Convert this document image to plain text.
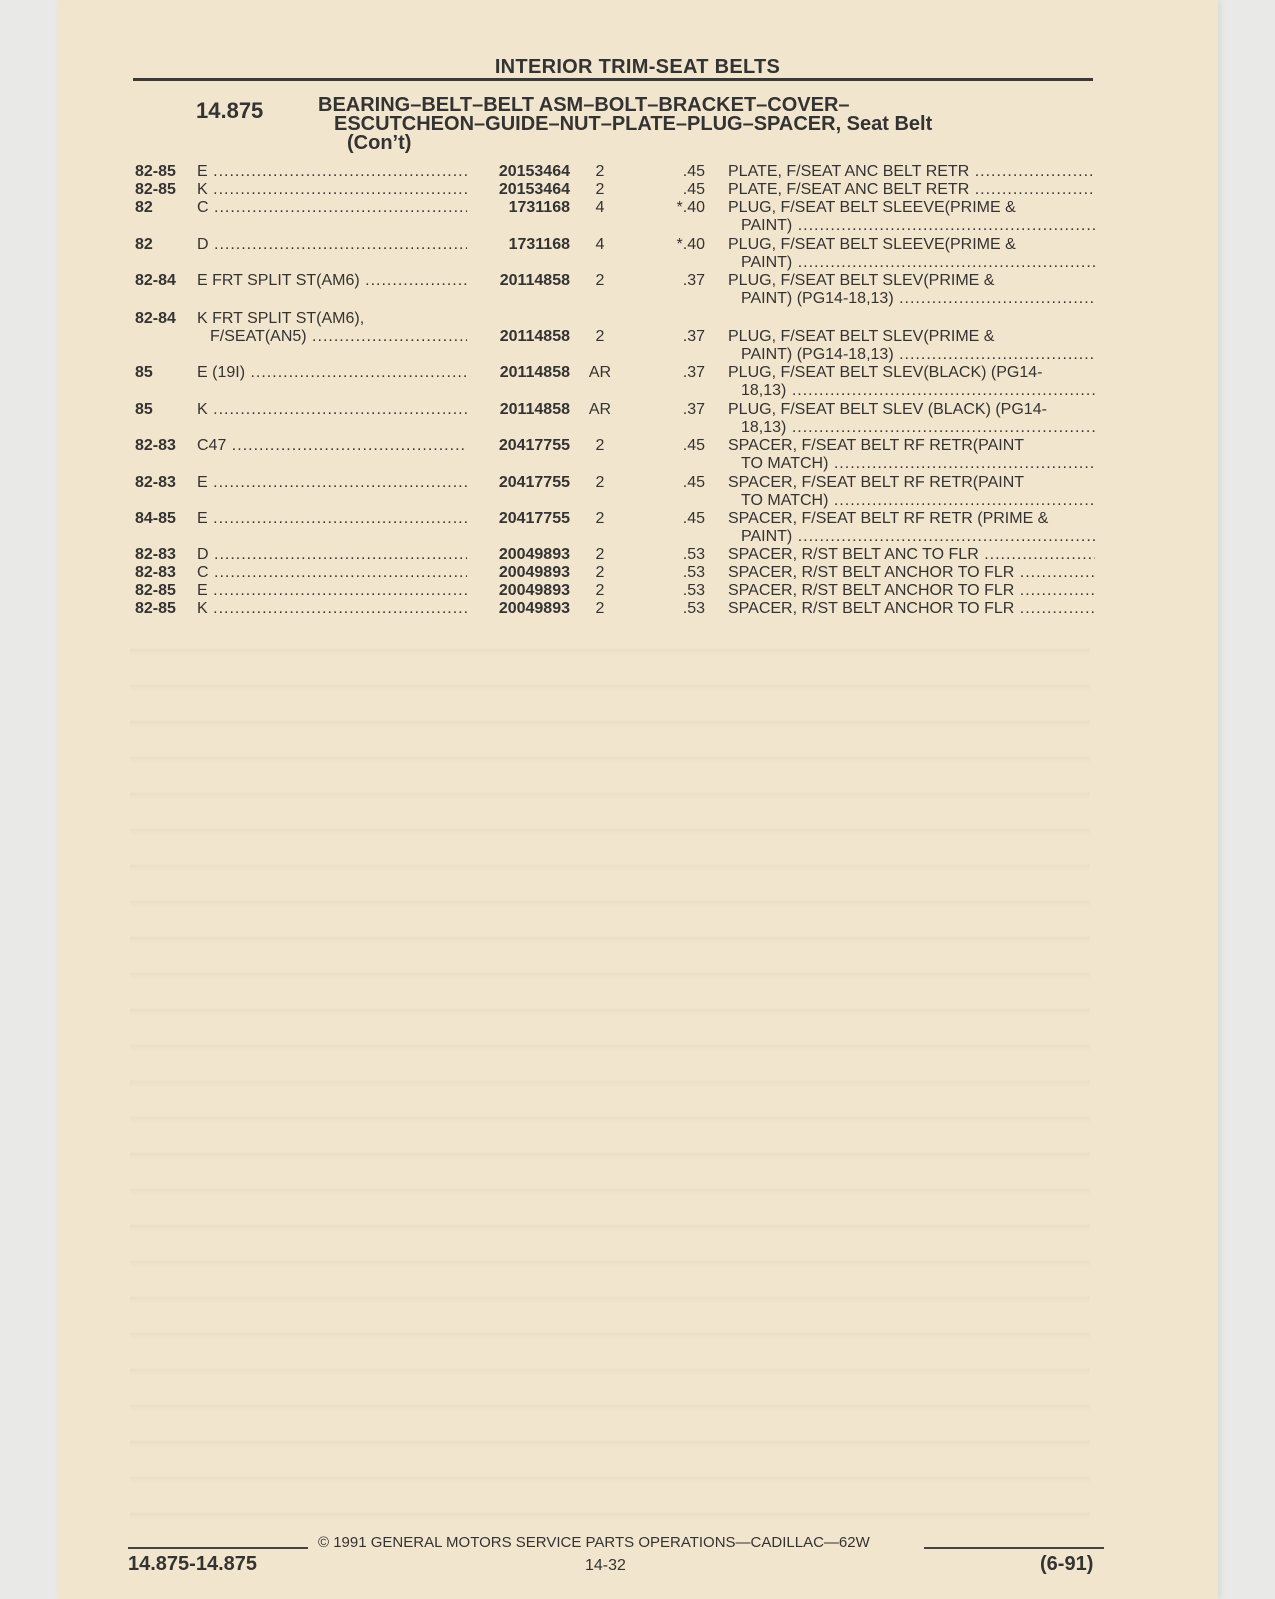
INTERIOR TRIM-SEAT BELTS
14.875	BEARING–BELT–BELT ASM–BOLT–BRACKET–COVER–
ESCUTCHEON–GUIDE–NUT–PLATE–PLUG–SPACER, Seat Belt
(Con’t)
82-85 E .....	20153464	2	.45 PLATE, F/SEAT ANC BELT RETR .....
82-85 K .....	20153464	2	.45 PLATE, F/SEAT ANC BELT RETR .....
82	C .....	1731168	4	*.40 PLUG, F/SEAT BELT SLEEVE(PRIME &
PAINT) .....
82	D .....	1731168	4	*.40 PLUG, F/SEAT BELT SLEEVE(PRIME &
PAINT) .....
82-84 E FRT SPLIT ST(AM6) .....	20114858	2	.37 PLUG, F/SEAT BELT SLEV(PRIME &
PAINT) (PG14-18,13) .....
82-84 K FRT SPLIT ST(AM6),
F/SEAT(AN5) .....	20114858	2	.37 PLUG, F/SEAT BELT SLEV(PRIME &
PAINT) (PG14-18,13) .....
85	E (19I) .....	20114858	AR	.37 PLUG, F/SEAT BELT SLEV(BLACK) (PG14-
18,13) .....
85	K .....	20114858	AR	.37 PLUG, F/SEAT BELT SLEV (BLACK) (PG14-
18,13) .....
82-83 C47 .....	20417755	2	.45 SPACER, F/SEAT BELT RF RETR(PAINT
TO MATCH) .....
82-83 E .....	20417755	2	.45 SPACER, F/SEAT BELT RF RETR(PAINT
TO MATCH) .....
84-85 E .....	20417755	2	.45 SPACER, F/SEAT BELT RF RETR (PRIME &
PAINT) .....
82-83 D .....	20049893	2	.53 SPACER, R/ST BELT ANC TO FLR .....
82-83 C .....	20049893	2	.53 SPACER, R/ST BELT ANCHOR TO FLR .....
82-85 E .....	20049893	2	.53 SPACER, R/ST BELT ANCHOR TO FLR .....
82-85 K .....	20049893	2	.53 SPACER, R/ST BELT ANCHOR TO FLR .....
© 1991 GENERAL MOTORS SERVICE PARTS OPERATIONS—CADILLAC—62W
14.875-14.875	14-32	(6-91)
